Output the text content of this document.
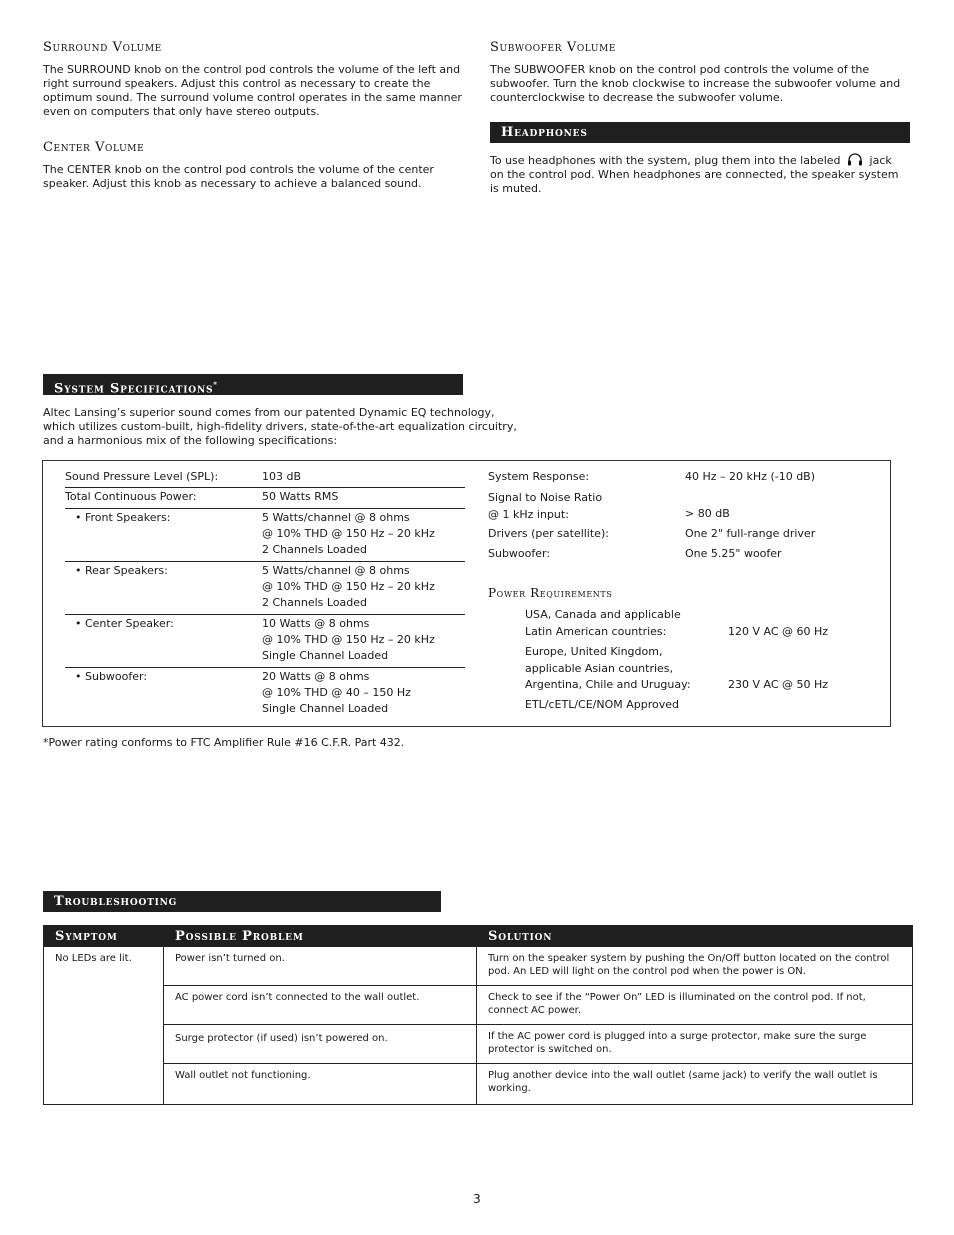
Surround Volume
The SURROUND knob on the control pod controls the volume of the left and right surround speakers. Adjust this control as necessary to create the optimum sound. The surround volume control operates in the same manner even on computers that only have stereo outputs.
Center Volume
The CENTER knob on the control pod controls the volume of the center speaker. Adjust this knob as necessary to achieve a balanced sound.
Subwoofer Volume
The SUBWOOFER knob on the control pod controls the volume of the subwoofer. Turn the knob clockwise to increase the subwoofer volume and counterclockwise to decrease the subwoofer volume.
Headphones
To use headphones with the system, plug them into the labeled	jack on the control pod. When headphones are connected, the speaker system is muted.
System Specifications*
Altec Lansing’s superior sound comes from our patented Dynamic EQ technology, which utilizes custom-built, high-fidelity drivers, state-of-the-art equalization circuitry, and a harmonious mix of the following specifications:
Sound Pressure Level (SPL):	103 dB
Total Continuous Power:	50 Watts RMS
• Front Speakers:	5 Watts/channel @ 8 ohms
@ 10% THD @ 150 Hz – 20 kHz
2 Channels Loaded
• Rear Speakers:	5 Watts/channel @ 8 ohms
@ 10% THD @ 150 Hz – 20 kHz
2 Channels Loaded
• Center Speaker:	10 Watts @ 8 ohms
@ 10% THD @ 150 Hz – 20 kHz
Single Channel Loaded
• Subwoofer:	20 Watts @ 8 ohms
@ 10% THD @ 40 – 150 Hz
Single Channel Loaded
System Response:	40 Hz – 20 kHz (-10 dB)
Signal to Noise Ratio
@ 1 kHz input:	> 80 dB
Drivers (per satellite):	One 2" full-range driver
Subwoofer:	One 5.25" woofer
Power Requirements
USA, Canada and applicable
Latin American countries:	120 V AC @ 60 Hz
Europe, United Kingdom,
applicable Asian countries,
Argentina, Chile and Uruguay:	230 V AC @ 50 Hz
ETL/cETL/CE/NOM Approved
*Power rating conforms to FTC Amplifier Rule #16 C.F.R. Part 432.
Troubleshooting
Symptom	Possible Problem	Solution
No LEDs are lit.	Power isn’t turned on.	Turn on the speaker system by pushing the On/Off button located on the control pod. An LED will light on the control pod when the power is ON.
	AC power cord isn’t connected to the wall outlet.	Check to see if the “Power On” LED is illuminated on the control pod. If not, connect AC power.
	Surge protector (if used) isn’t powered on.	If the AC power cord is plugged into a surge protector, make sure the surge protector is switched on.
	Wall outlet not functioning.	Plug another device into the wall outlet (same jack) to verify the wall outlet is working.
3
